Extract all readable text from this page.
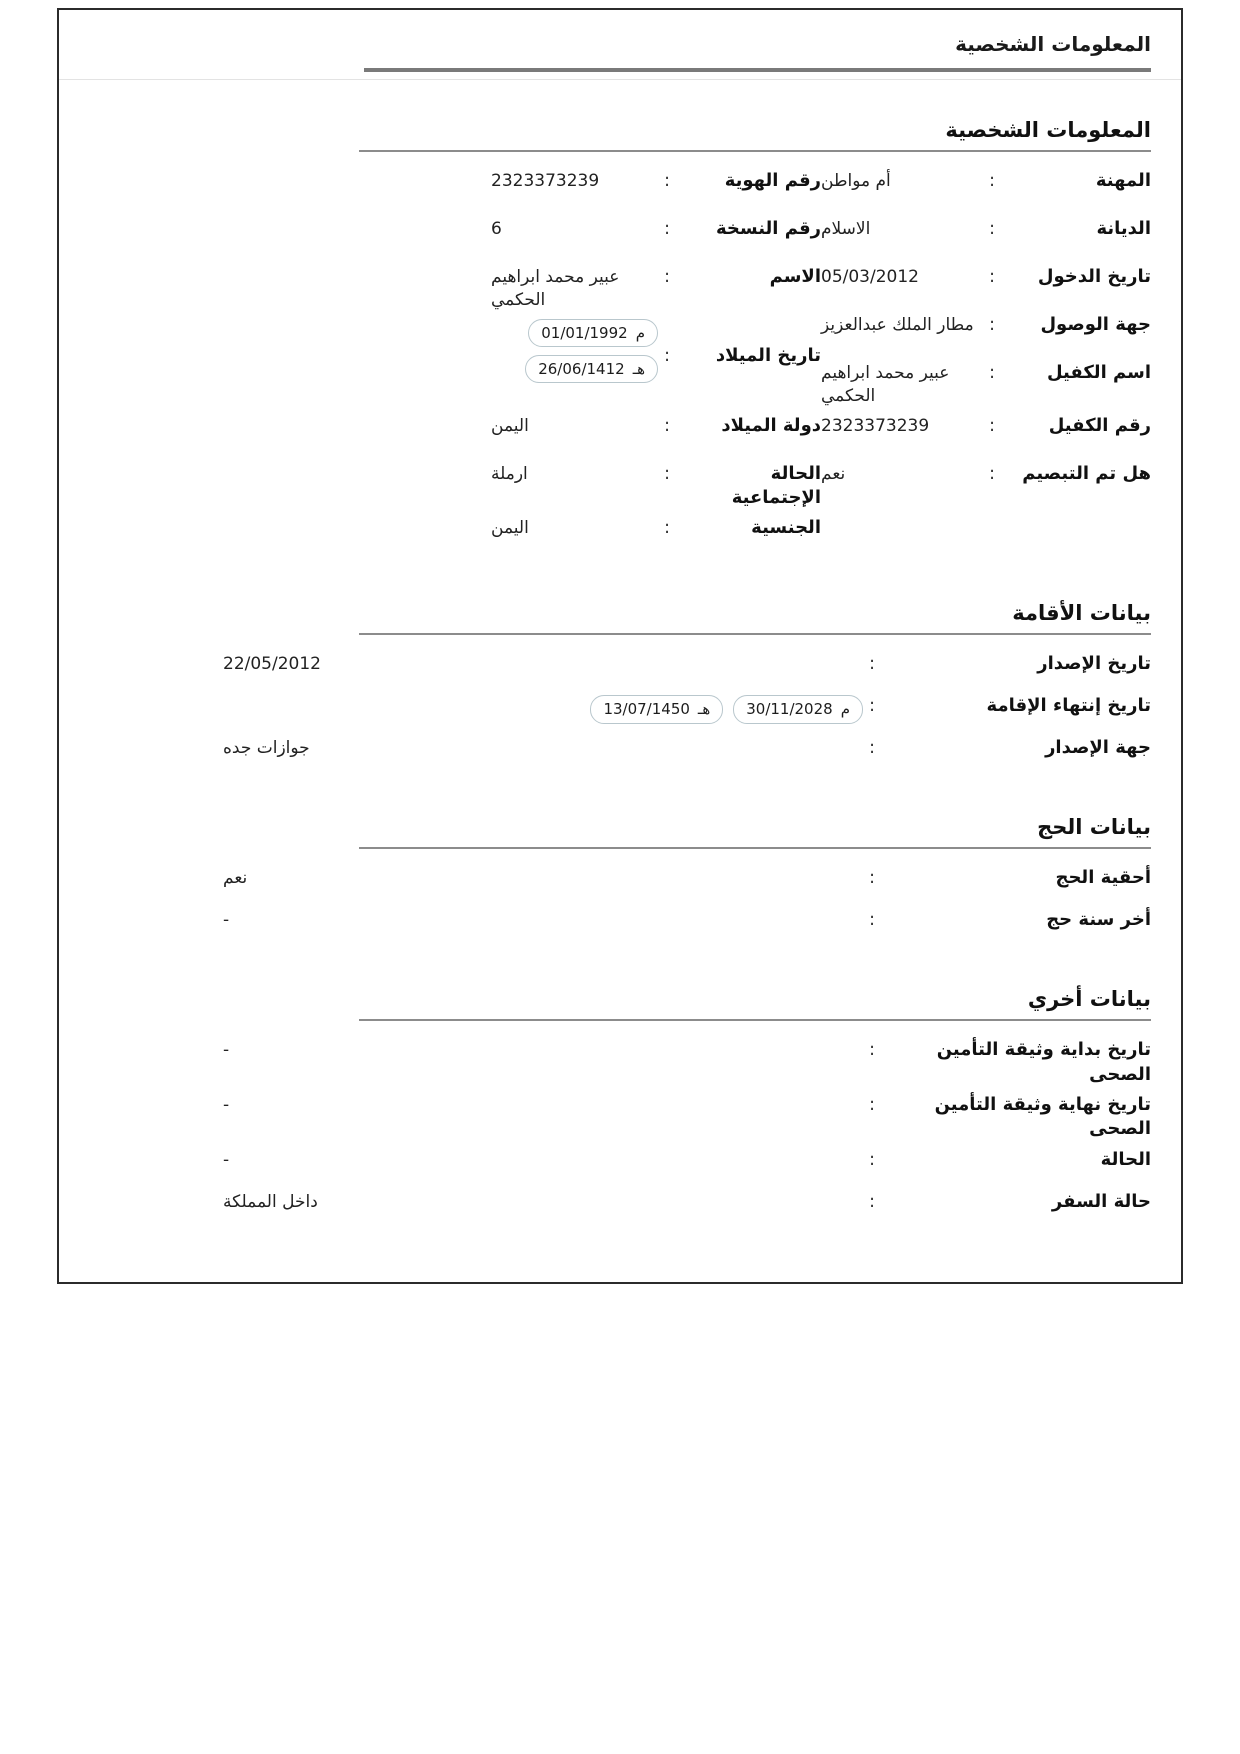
المعلومات الشخصية
المعلومات الشخصية
المهنة
:
أم مواطن
الديانة
:
الاسلام
تاريخ الدخول
:
05/03/2012
جهة الوصول
:
مطار الملك عبدالعزيز
اسم الكفيل
:
عبير محمد ابراهيم الحكمي
رقم الكفيل
:
2323373239
هل تم التبصيم
:
نعم
رقم الهوية
:
2323373239
رقم النسخة
:
6
الاسم
:
عبير محمد ابراهيم الحكمي
تاريخ الميلاد
:
م
01/01/1992
هـ
26/06/1412
دولة الميلاد
:
اليمن
الحالة الإجتماعية
:
ارملة
الجنسية
:
اليمن
بيانات الأقامة
تاريخ الإصدار
:
22/05/2012
تاريخ إنتهاء الإقامة
:
م
30/11/2028
هـ
13/07/1450
جهة الإصدار
:
جوازات جده
بيانات الحج
أحقية الحج
:
نعم
أخر سنة حج
:
-
بيانات أخري
تاريخ بداية وثيقة التأمين الصحى
:
-
تاريخ نهاية وثيقة التأمين الصحى
:
-
الحالة
:
-
حالة السفر
:
داخل المملكة
